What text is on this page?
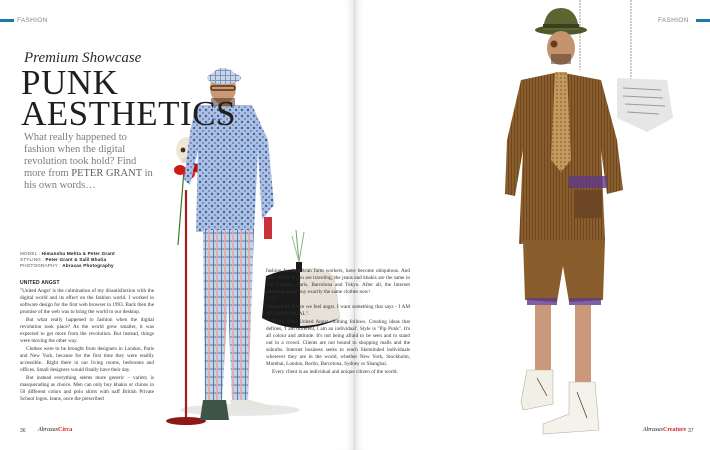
FASHION
Premium Showcase
PUNK
AESTHETICS
What really happened to fashion when the digital revolution took hold? Find more from PETER GRANT in his own words…
MODEL : Himanshu Mehta & Peter Grant
STYLING : Peter Grant & Salil Bhatia
PHOTOGRAPHY : Abraxas Photography
UNITED ANGST

"United Angst' is the culmination of my dissatisfaction with the digital world and its effect on the fashion world. I worked in software design for the first web browser in 1993. Back then the promise of the web was to bring the world to our desktop.

But what really happened to fashion when the digital revolution took place? As the world grew smaller, it was expected to get more from the revolution. But instead, things were moving the other way.

Clothes were to be brought from designers in London, Paris and New York, because for the first time they were readily accessible.. Right there in our living rooms, bedrooms and offices. Small designers would finally have their day.

But instead everything seems more generic – variety is masquerading as choice. Men can only buy khakis or chinos in 50 different colors and polo shirts with naff British Private School logos. Jeans, once the prescribed

36 AbraxasCirca
FASHION
37
AbraxasCreature

fashion for American farm workers, have become ubiquitous. And don't worry if you are traveling, the jeans and khakis are the same in NY, London, Paris, Barcelona and Tokyo. After all, the Internet allows us to all buy exactly the same clothes now!

USP

"Instead of choice we feel angst. I want something that says - I AM AN INDIVIDUAL".

That's what United Angst clothing follows. Creating ideas that defines, 'I am different, I am an individual'. Style is "Pip Punk". It's all colour and attitude. It's not being afraid to be seen and to stand out in a crowd. Clients are not bound to shopping malls and the suburbs. Internet business seeks to reach likeminded individuals wherever they are in the world, whether New York, Stockholm, Mumbai, London, Berlin, Barcelona, Sydney or Shanghai.

Every client is an individual and unique citizen of the world.
